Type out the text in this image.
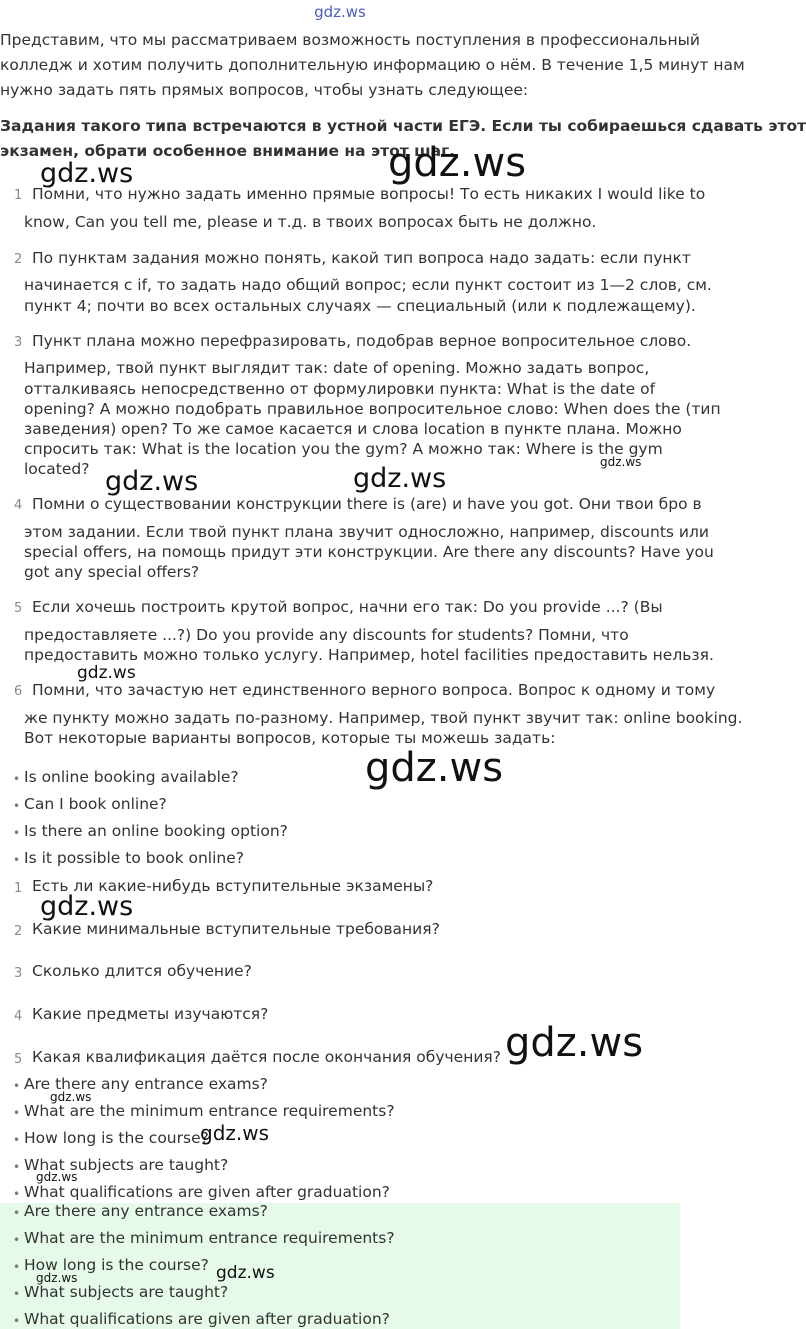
gdz.ws
Представим, что мы рассматриваем возможность поступления в профессиональный
колледж и хотим получить дополнительную информацию о нём. В течение 1,5 минут нам
нужно задать пять прямых вопросов, чтобы узнать следующее:
Задания такого типа встречаются в устной части ЕГЭ. Если ты собираешься сдавать этот
экзамен, обрати особенное внимание на этот шаг.
1 Помни, что нужно задать именно прямые вопросы! То есть никаких I would like to
know, Can you tell me, please и т.д. в твоих вопросах быть не должно.
2 По пунктам задания можно понять, какой тип вопроса надо задать: если пункт
начинается с if, то задать надо общий вопрос; если пункт состоит из 1—2 слов, см.
пункт 4; почти во всех остальных случаях — специальный (или к подлежащему).
3 Пункт плана можно перефразировать, подобрав верное вопросительное слово.
Например, твой пункт выглядит так: date of opening. Можно задать вопрос,
отталкиваясь непосредственно от формулировки пункта: What is the date of
opening? А можно подобрать правильное вопросительное слово: When does the (тип
заведения) open? То же самое касается и слова location в пункте плана. Можно
спросить так: What is the location you the gym? А можно так: Where is the gym
located?
4 Помни о существовании конструкции there is (are) и have you got. Они твои бро в
этом задании. Если твой пункт плана звучит односложно, например, discounts или
special offers, на помощь придут эти конструкции. Are there any discounts? Have you
got any special offers?
5 Если хочешь построить крутой вопрос, начни его так: Do you provide ...? (Вы
предоставляете ...?) Do you provide any discounts for students? Помни, что
предоставить можно только услугу. Например, hotel facilities предоставить нельзя.
6 Помни, что зачастую нет единственного верного вопроса. Вопрос к одному и тому
же пункту можно задать по-разному. Например, твой пункт звучит так: online booking.
Вот некоторые варианты вопросов, которые ты можешь задать:
• Is online booking available?
• Can I book online?
• Is there an online booking option?
• Is it possible to book online?
1 Есть ли какие-нибудь вступительные экзамены?
2 Какие минимальные вступительные требования?
3 Сколько длится обучение?
4 Какие предметы изучаются?
5 Какая квалификация даётся после окончания обучения?
• Are there any entrance exams?
• What are the minimum entrance requirements?
• How long is the course?
• What subjects are taught?
• What qualifications are given after graduation?
• Are there any entrance exams?
• What are the minimum entrance requirements?
• How long is the course?
• What subjects are taught?
• What qualifications are given after graduation?
gdz.ws
gdz.ws
gdz.ws
gdz.ws	gdz.ws
gdz.ws
gdz.ws
gdz.ws
gdz.ws
gdz.ws
gdz.ws
gdz.ws
gdz.ws	gdz.ws
